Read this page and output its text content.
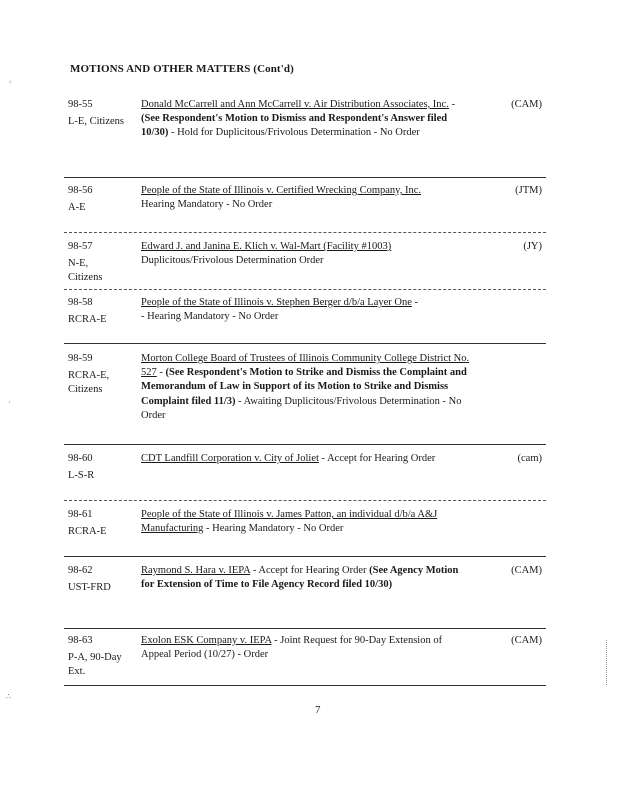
MOTIONS AND OTHER MATTERS (Cont'd)
98-55
L-E, Citizens
Donald McCarrell and Ann McCarrell v. Air Distribution Associates, Inc. - (See Respondent's Motion to Dismiss and Respondent's Answer filed 10/30) - Hold for Duplicitous/Frivolous Determination - No Order
(CAM)
98-56
A-E
People of the State of Illinois v. Certified Wrecking Company, Inc.
Hearing Mandatory - No Order
(JTM)
98-57
N-E, Citizens
Edward J. and Janina E. Klich v. Wal-Mart (Facility #1003)
Duplicitous/Frivolous Determination Order
(JY)
98-58
RCRA-E
People of the State of Illinois v. Stephen Berger d/b/a Layer One -
- Hearing Mandatory - No Order
98-59
RCRA-E, Citizens
Morton College Board of Trustees of Illinois Community College District No. 527 - (See Respondent's Motion to Strike and Dismiss the Complaint and Memorandum of Law in Support of its Motion to Strike and Dismiss Complaint filed 11/3) - Awaiting Duplicitous/Frivolous Determination - No Order
98-60
L-S-R
CDT Landfill Corporation v. City of Joliet - Accept for Hearing Order	(cam)
98-61
RCRA-E
People of the State of Illinois v. James Patton, an individual d/b/a A&J Manufacturing - Hearing Mandatory - No Order
98-62
UST-FRD
Raymond S. Hara v. IEPA - Accept for Hearing Order (See Agency Motion for Extension of Time to File Agency Record filed 10/30)
(CAM)
98-63
P-A, 90-Day Ext.
Exolon ESK Company v. IEPA - Joint Request for 90-Day Extension of Appeal Period (10/27) - Order
(CAM)
7
◦
·
∴
